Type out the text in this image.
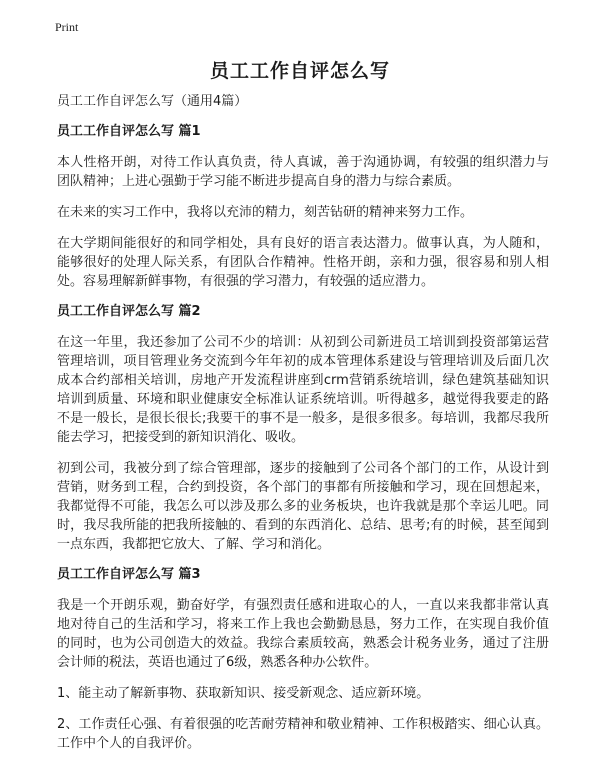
Print
员工工作自评怎么写
员工工作自评怎么写（通用4篇）
员工工作自评怎么写 篇1

本人性格开朗，对待工作认真负责，待人真诚，善于沟通协调，有较强的组织潜力与团队精神；上进心强勤于学习能不断进步提高自身的潜力与综合素质。

在未来的实习工作中，我将以充沛的精力，刻苦钻研的精神来努力工作。

在大学期间能很好的和同学相处，具有良好的语言表达潜力。做事认真，为人随和，能够很好的处理人际关系，有团队合作精神。性格开朗，亲和力强，很容易和别人相处。容易理解新鲜事物，有很强的学习潜力，有较强的适应潜力。

员工工作自评怎么写 篇2

在这一年里，我还参加了公司不少的培训：从初到公司新进员工培训到投资部第运营管理培训，项目管理业务交流到今年年初的成本管理体系建设与管理培训及后面几次成本合约部相关培训，房地产开发流程讲座到crm营销系统培训，绿色建筑基础知识培训到质量、环境和职业健康安全标准认证系统培训。听得越多，越觉得我要走的路不是一般长，是很长很长;我要干的事不是一般多，是很多很多。每培训，我都尽我所能去学习，把接受到的新知识消化、吸收。

初到公司，我被分到了综合管理部，逐步的接触到了公司各个部门的工作，从设计到营销，财务到工程，合约到投资，各个部门的事都有所接触和学习，现在回想起来，我都觉得不可能，我怎么可以涉及那么多的业务板块，也许我就是那个幸运儿吧。同时，我尽我所能的把我所接触的、看到的东西消化、总结、思考;有的时候，甚至闻到一点东西，我都把它放大、了解、学习和消化。

员工工作自评怎么写 篇3

我是一个开朗乐观，勤奋好学，有强烈责任感和进取心的人，一直以来我都非常认真地对待自己的生活和学习，将来工作上我也会勤勤恳恳，努力工作，在实现自我价值的同时，也为公司创造大的效益。我综合素质较高，熟悉会计税务业务，通过了注册会计师的税法，英语也通过了6级，熟悉各种办公软件。

1、能主动了解新事物、获取新知识、接受新观念、适应新环境。

2、工作责任心强、有着很强的吃苦耐劳精神和敬业精神、工作积极踏实、细心认真。工作中个人的自我评价。
